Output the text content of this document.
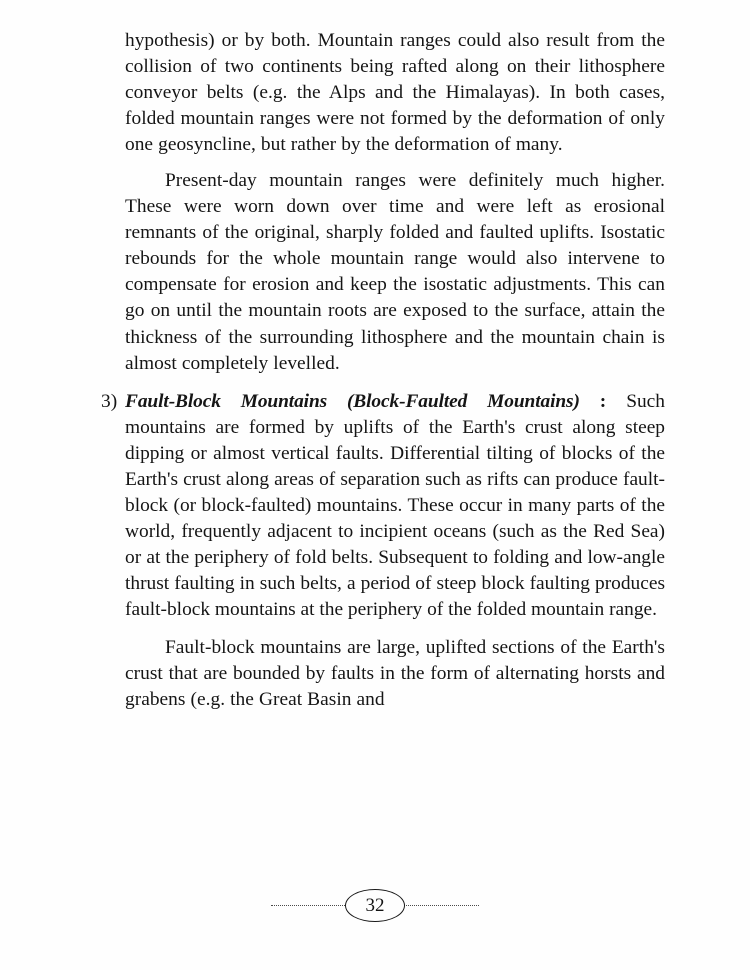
hypothesis) or by both. Mountain ranges could also result from the collision of two continents being rafted along on their lithosphere conveyor belts (e.g. the Alps and the Himalayas). In both cases, folded mountain ranges were not formed by the deformation of only one geosyncline, but rather by the deformation of many.

Present-day mountain ranges were definitely much higher. These were worn down over time and were left as erosional remnants of the original, sharply folded and faulted uplifts. Isostatic rebounds for the whole mountain range would also intervene to compensate for erosion and keep the isostatic adjustments. This can go on until the mountain roots are exposed to the surface, attain the thickness of the surrounding lithosphere and the mountain chain is almost completely levelled.

3) Fault-Block Mountains (Block-Faulted Mountains) : Such mountains are formed by uplifts of the Earth's crust along steep dipping or almost vertical faults. Differential tilting of blocks of the Earth's crust along areas of separation such as rifts can produce fault-block (or block-faulted) mountains. These occur in many parts of the world, frequently adjacent to incipient oceans (such as the Red Sea) or at the periphery of fold belts. Subsequent to folding and low-angle thrust faulting in such belts, a period of steep block faulting produces fault-block mountains at the periphery of the folded mountain range.

Fault-block mountains are large, uplifted sections of the Earth's crust that are bounded by faults in the form of alternating horsts and grabens (e.g. the Great Basin and

32
